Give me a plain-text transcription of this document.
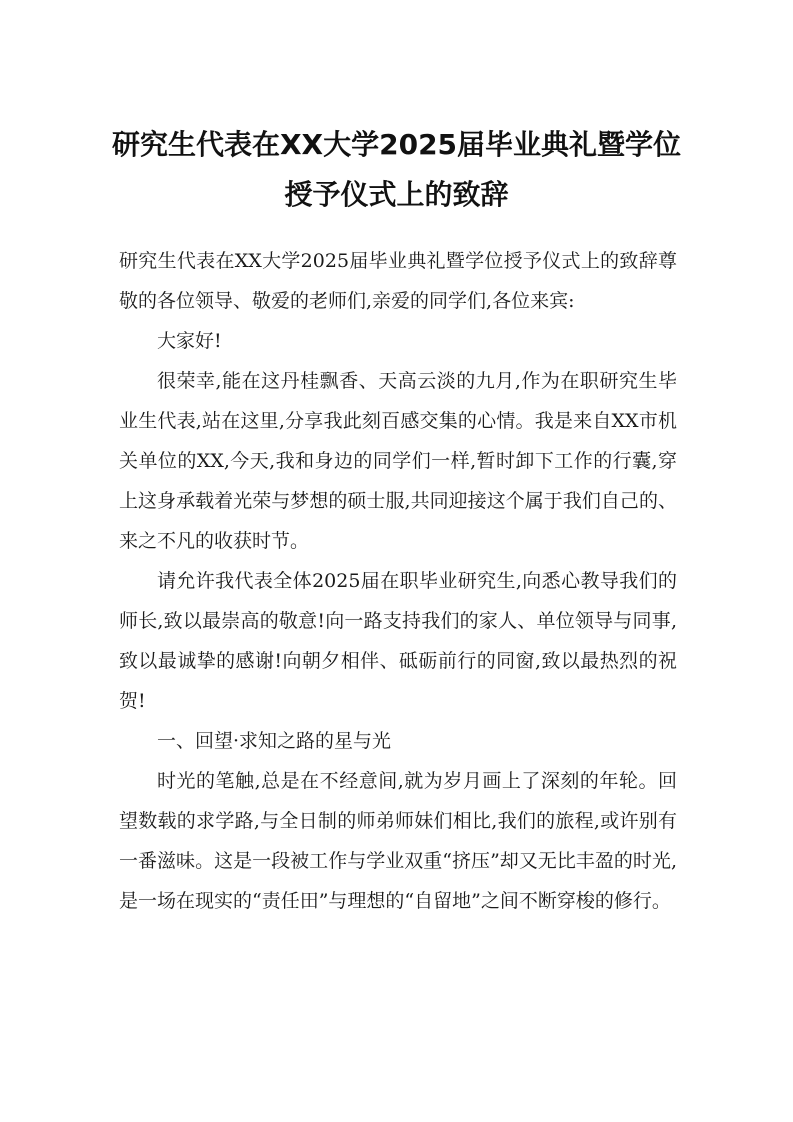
研究生代表在XX大学2025届毕业典礼暨学位授予仪式上的致辞

研究生代表在XX大学2025届毕业典礼暨学位授予仪式上的致辞尊敬的各位领导、敬爱的老师们,亲爱的同学们,各位来宾:

大家好!

很荣幸,能在这丹桂飘香、天高云淡的九月,作为在职研究生毕业生代表,站在这里,分享我此刻百感交集的心情。我是来自XX市机关单位的XX,今天,我和身边的同学们一样,暂时卸下工作的行囊,穿上这身承载着光荣与梦想的硕士服,共同迎接这个属于我们自己的、来之不凡的收获时节。

请允许我代表全体2025届在职毕业研究生,向悉心教导我们的师长,致以最崇高的敬意!向一路支持我们的家人、单位领导与同事,致以最诚挚的感谢!向朝夕相伴、砥砺前行的同窗,致以最热烈的祝贺!

一、回望·求知之路的星与光

时光的笔触,总是在不经意间,就为岁月画上了深刻的年轮。回望数载的求学路,与全日制的师弟师妹们相比,我们的旅程,或许别有一番滋味。这是一段被工作与学业双重“挤压”却又无比丰盈的时光,是一场在现实的“责任田”与理想的“自留地”之间不断穿梭的修行。
